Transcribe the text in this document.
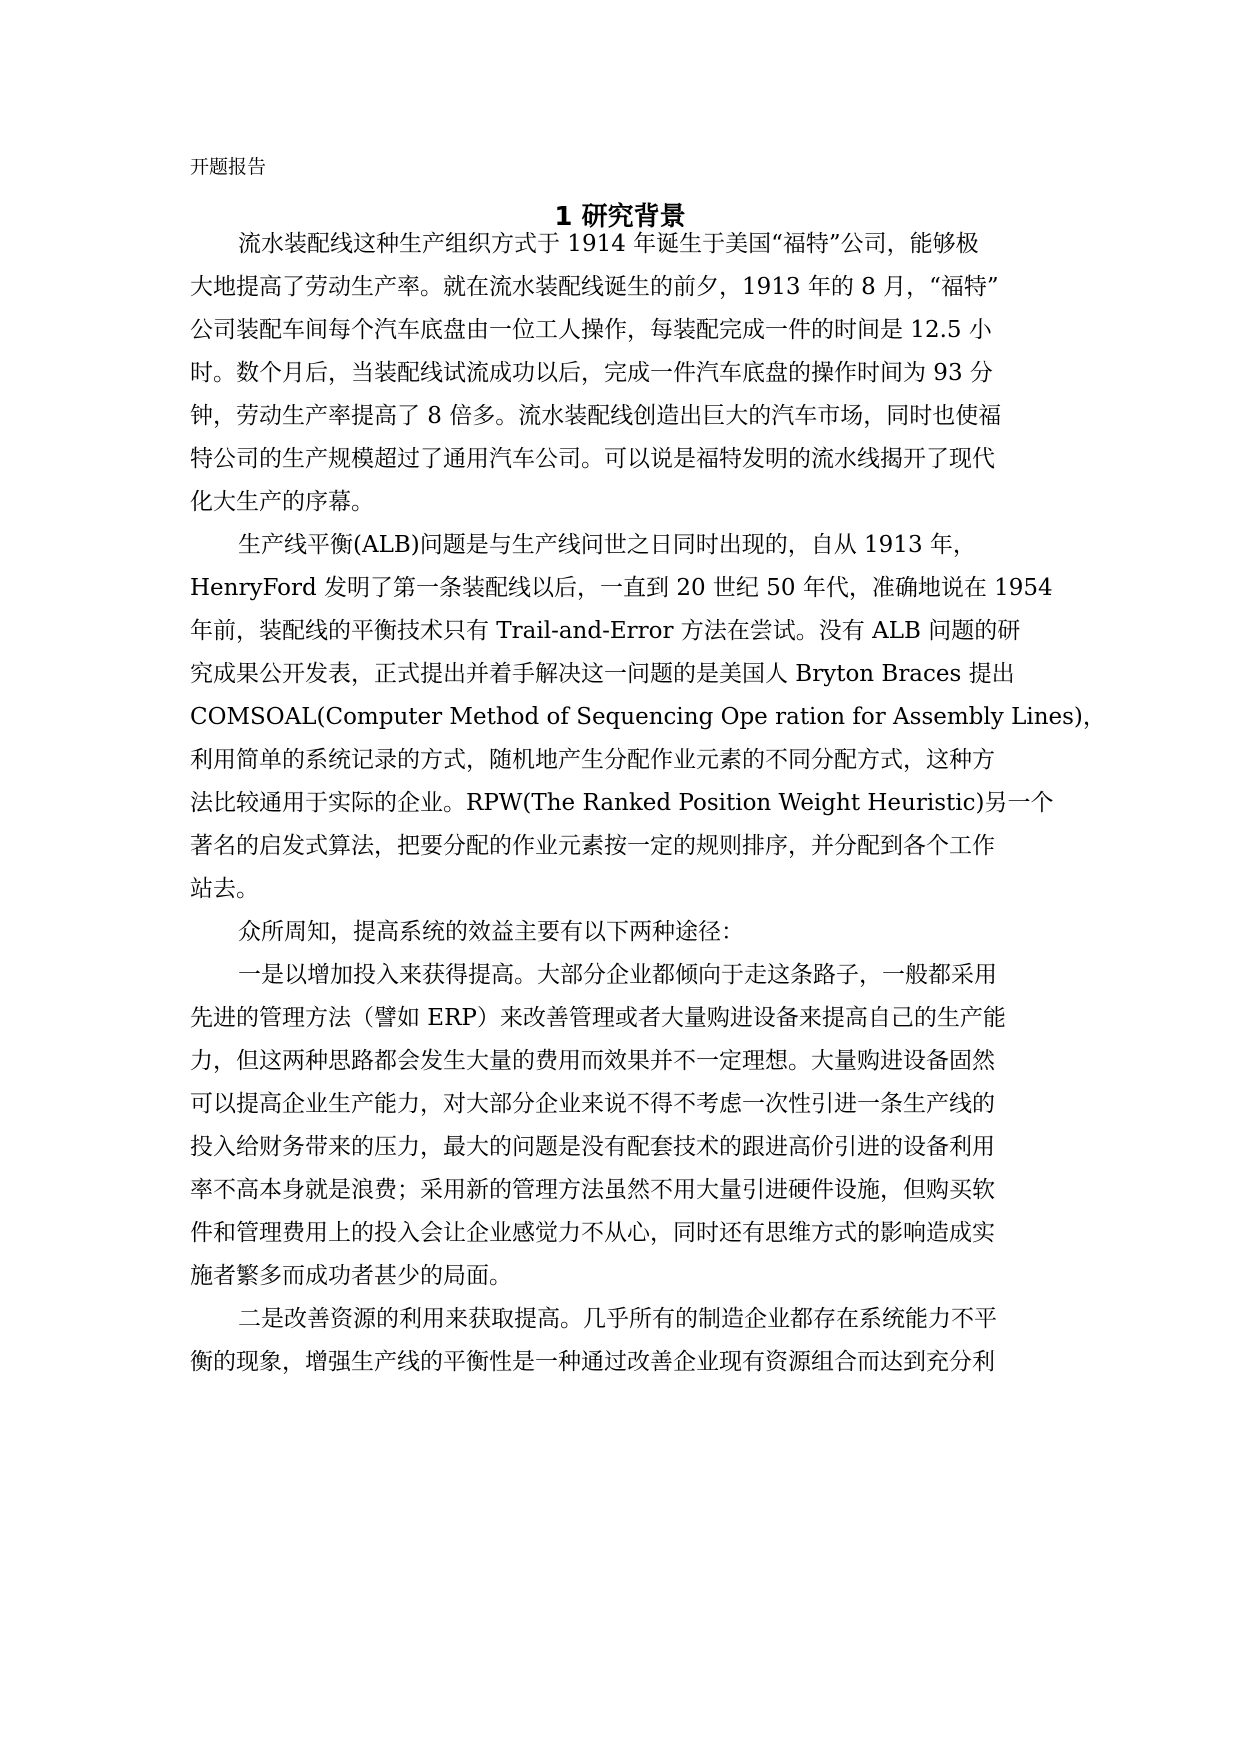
开题报告
1 研究背景
流水装配线这种生产组织方式于 1914 年诞生于美国“福特”公司，能够极
大地提高了劳动生产率。就在流水装配线诞生的前夕，1913 年的 8 月，“福特”
公司装配车间每个汽车底盘由一位工人操作，每装配完成一件的时间是 12.5 小
时。数个月后，当装配线试流成功以后，完成一件汽车底盘的操作时间为 93 分
钟，劳动生产率提高了 8 倍多。流水装配线创造出巨大的汽车市场，同时也使福
特公司的生产规模超过了通用汽车公司。可以说是福特发明的流水线揭开了现代
化大生产的序幕。
生产线平衡(ALB)问题是与生产线问世之日同时出现的，自从 1913 年，
HenryFord 发明了第一条装配线以后，一直到 20 世纪 50 年代，准确地说在 1954
年前，装配线的平衡技术只有 Trail-and-Error 方法在尝试。没有 ALB 问题的研
究成果公开发表，正式提出并着手解决这一问题的是美国人 Bryton Braces 提出
COMSOAL(Computer Method of Sequencing Ope ration for Assembly Lines)，
利用简单的系统记录的方式，随机地产生分配作业元素的不同分配方式，这种方
法比较通用于实际的企业。RPW(The Ranked Position Weight Heuristic)另一个
著名的启发式算法，把要分配的作业元素按一定的规则排序，并分配到各个工作
站去。
众所周知，提高系统的效益主要有以下两种途径：
一是以增加投入来获得提高。大部分企业都倾向于走这条路子，一般都采用
先进的管理方法（譬如 ERP）来改善管理或者大量购进设备来提高自己的生产能
力，但这两种思路都会发生大量的费用而效果并不一定理想。大量购进设备固然
可以提高企业生产能力，对大部分企业来说不得不考虑一次性引进一条生产线的
投入给财务带来的压力，最大的问题是没有配套技术的跟进高价引进的设备利用
率不高本身就是浪费；采用新的管理方法虽然不用大量引进硬件设施，但购买软
件和管理费用上的投入会让企业感觉力不从心，同时还有思维方式的影响造成实
施者繁多而成功者甚少的局面。
二是改善资源的利用来获取提高。几乎所有的制造企业都存在系统能力不平
衡的现象，增强生产线的平衡性是一种通过改善企业现有资源组合而达到充分利
